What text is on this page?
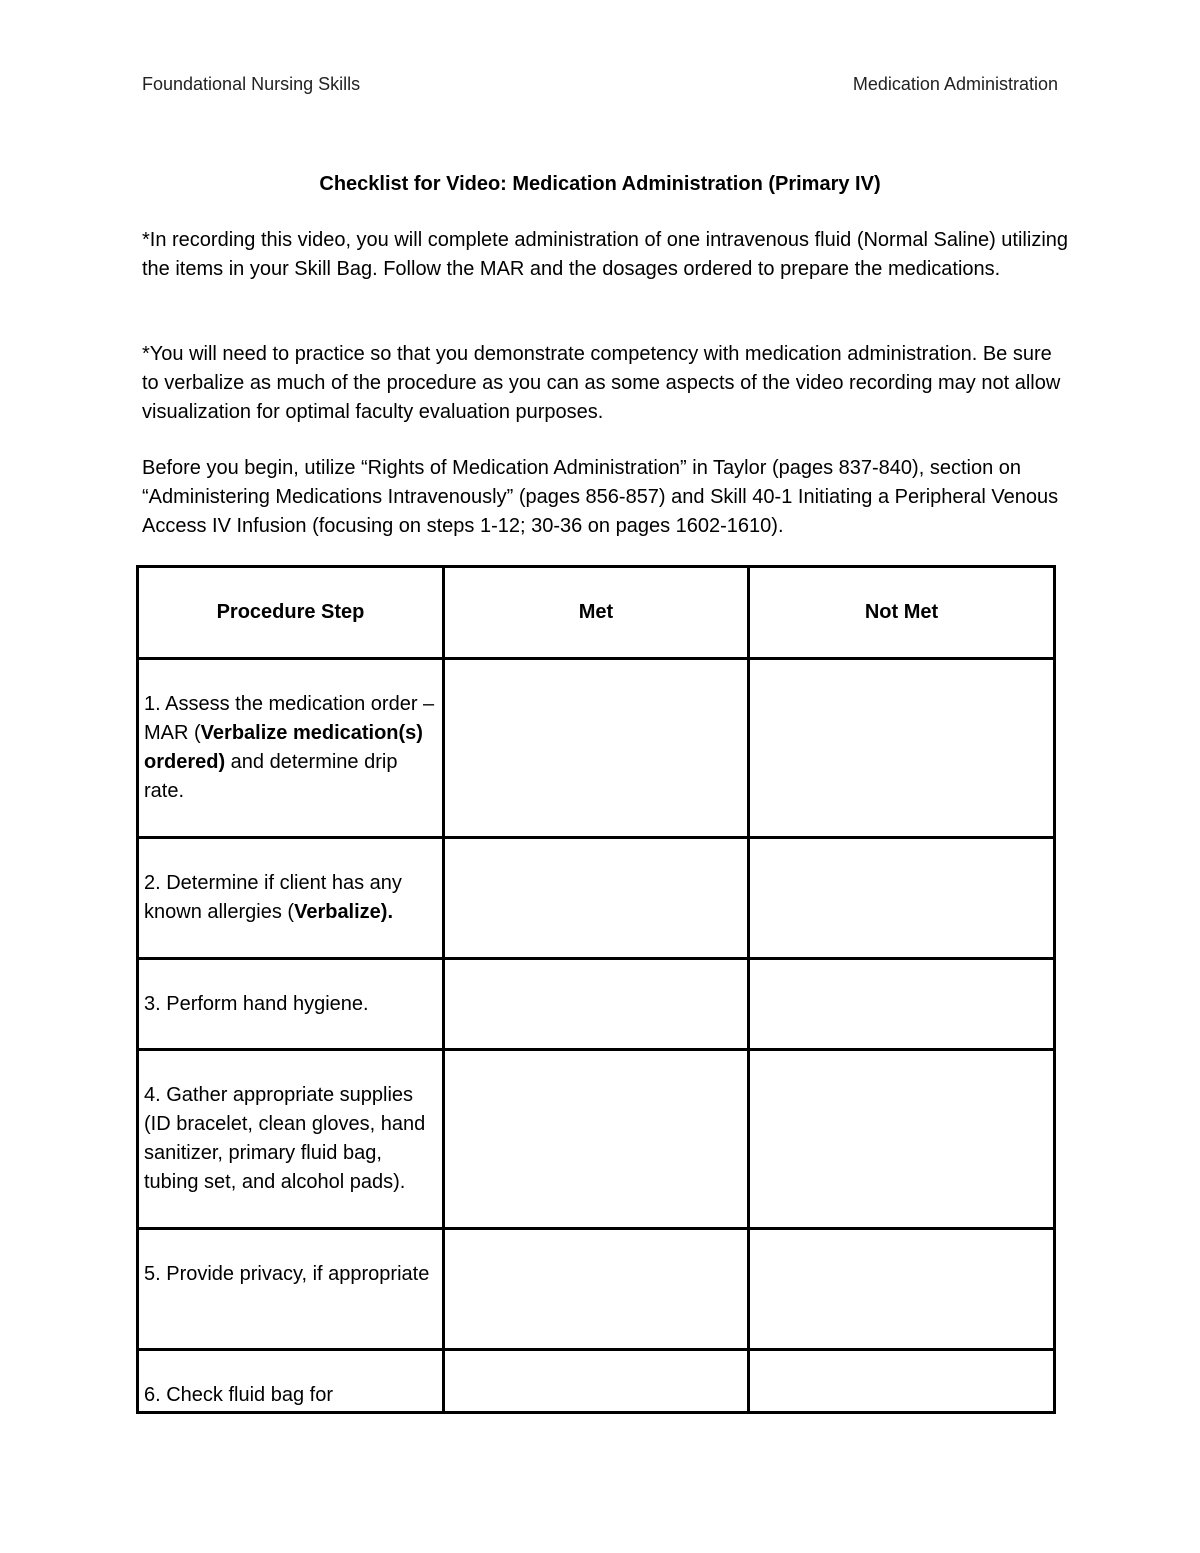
Foundational Nursing Skills	Medication Administration
Checklist for Video: Medication Administration (Primary IV)
*In recording this video, you will complete administration of one intravenous fluid (Normal Saline) utilizing the items in your Skill Bag. Follow the MAR and the dosages ordered to prepare the medications.
*You will need to practice so that you demonstrate competency with medication administration. Be sure to verbalize as much of the procedure as you can as some aspects of the video recording may not allow visualization for optimal faculty evaluation purposes.
Before you begin, utilize “Rights of Medication Administration” in Taylor (pages 837-840), section on “Administering Medications Intravenously” (pages 856-857) and Skill 40-1 Initiating a Peripheral Venous Access IV Infusion (focusing on steps 1-12; 30-36 on pages 1602-1610).
Procedure Step	Met	Not Met

1. Assess the medication order – MAR (Verbalize medication(s) ordered) and determine drip rate.		

2. Determine if client has any known allergies (Verbalize).		

3. Perform hand hygiene.		

4. Gather appropriate supplies (ID bracelet, clean gloves, hand sanitizer, primary fluid bag, tubing set, and alcohol pads).		

5. Provide privacy, if appropriate		

6. Check fluid bag for		
